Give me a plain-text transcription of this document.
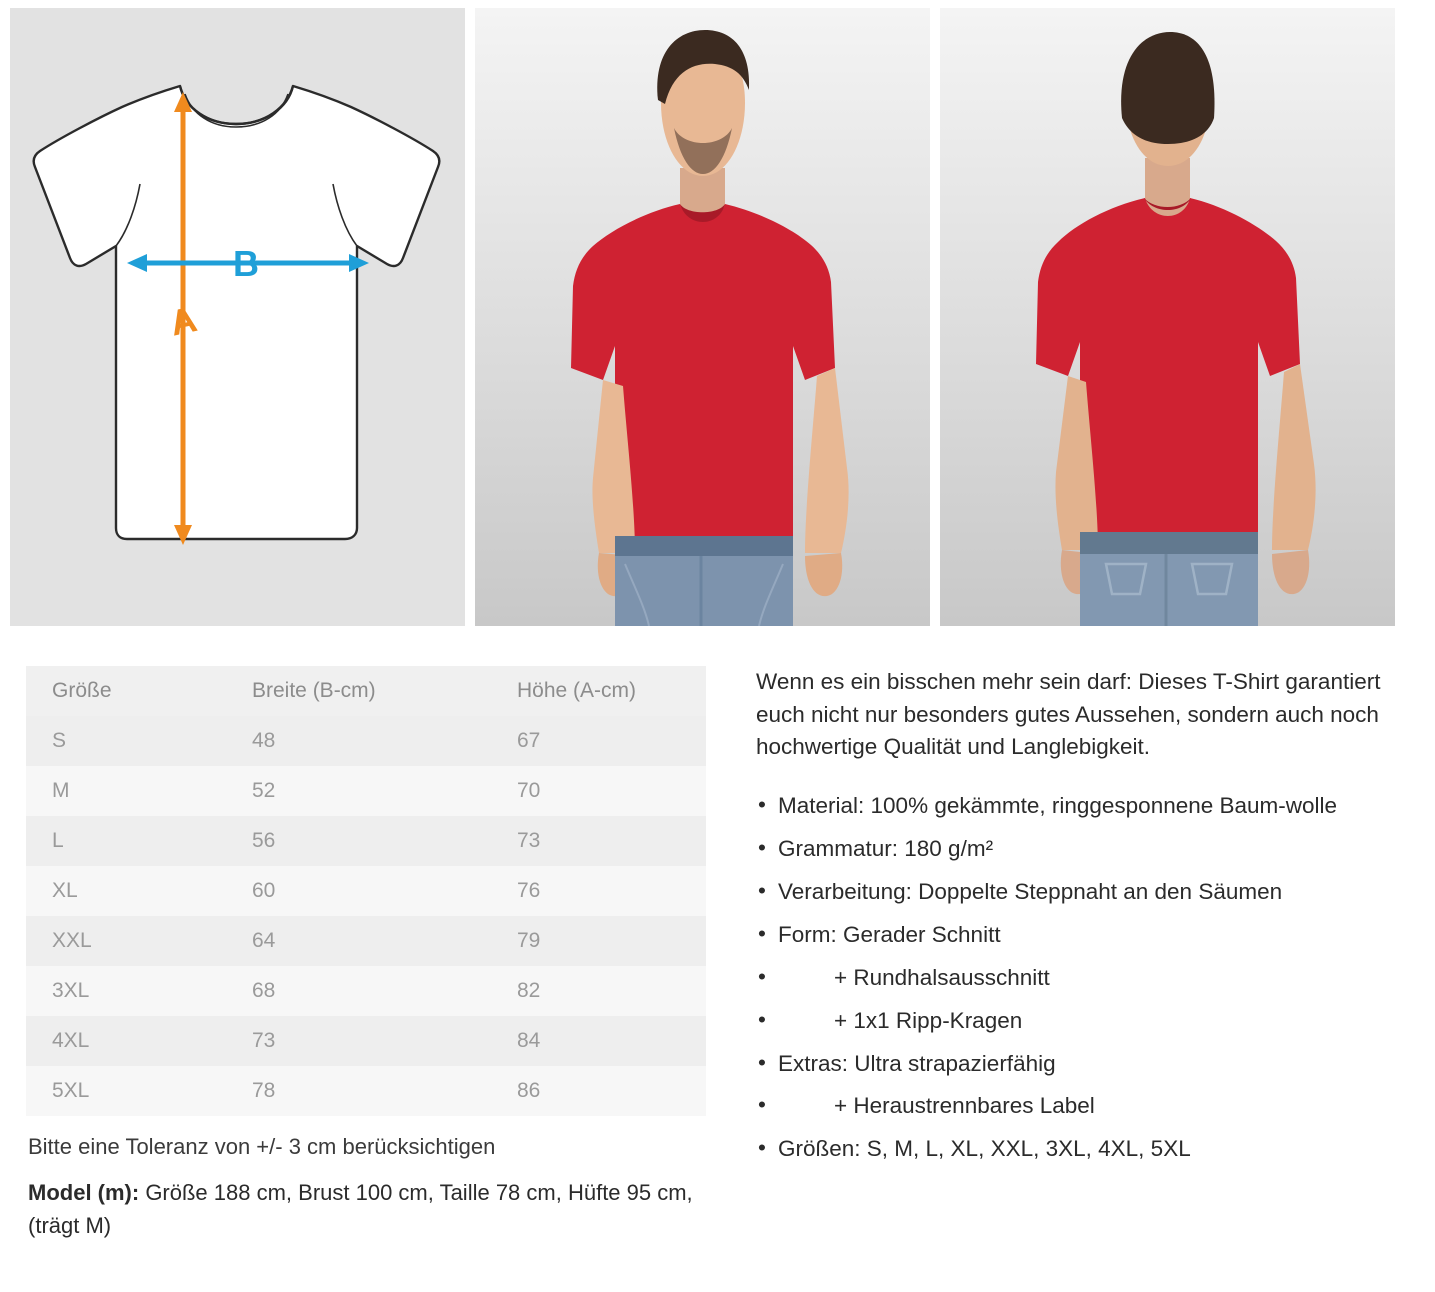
B
A
Größe	Breite (B-cm)	Höhe (A-cm)
S	48	67
M	52	70
L	56	73
XL	60	76
XXL	64	79
3XL	68	82
4XL	73	84
5XL	78	86
Bitte eine Toleranz von +/- 3 cm berücksichtigen
Model (m): Größe 188 cm, Brust 100 cm, Taille 78 cm, Hüfte 95 cm, (trägt M)

Wenn es ein bisschen mehr sein darf: Dieses T-Shirt garantiert euch nicht nur besonders gutes Aussehen, sondern auch noch hochwertige Qualität und Langlebigkeit.

• Material: 100% gekämmte, ringgesponnene Baum-wolle
• Grammatur: 180 g/m²
• Verarbeitung: Doppelte Steppnaht an den Säumen
• Form: Gerader Schnitt
• + Rundhalsausschnitt
• + 1x1 Ripp-Kragen
• Extras: Ultra strapazierfähig
• + Heraustrennbares Label
• Größen: S, M, L, XL, XXL, 3XL, 4XL, 5XL
